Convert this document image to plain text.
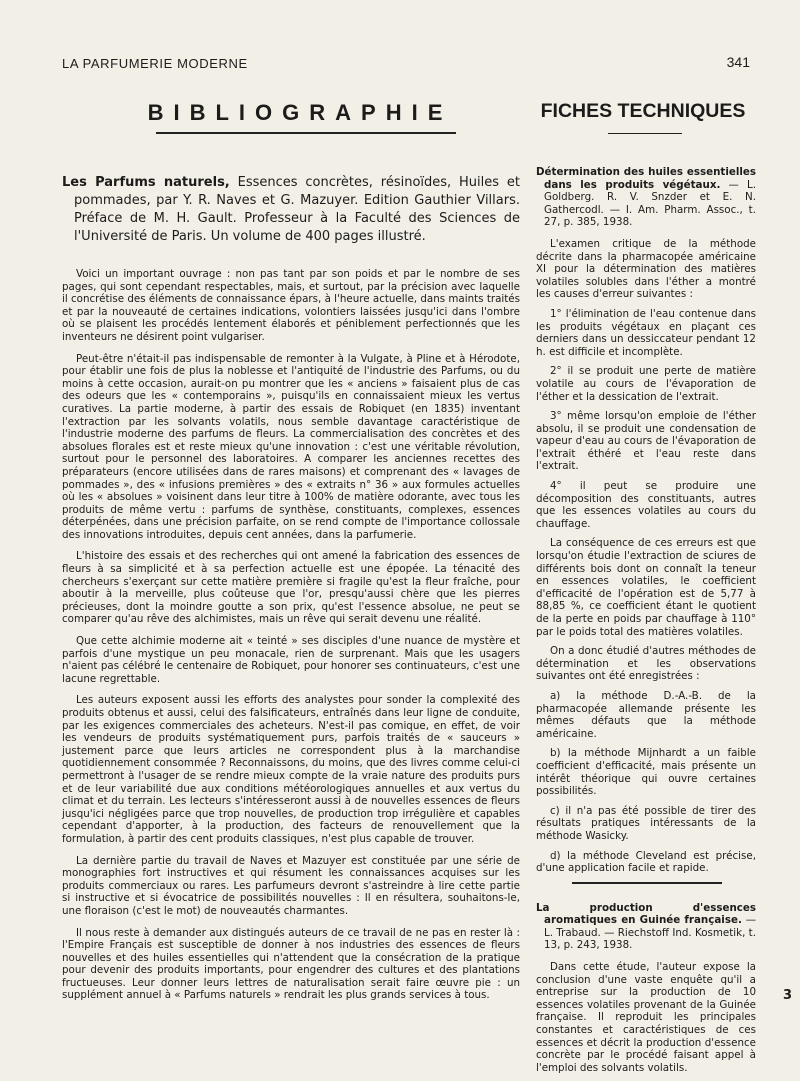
LA PARFUMERIE MODERNE	341
BIBLIOGRAPHIE
Les Parfums naturels, Essences concrètes, résinoïdes, Huiles et pommades, par Y. R. Naves et G. Mazuyer. Edition Gauthier Villars. Préface de M. H. Gault. Professeur à la Faculté des Sciences de l'Université de Paris. Un volume de 400 pages illustré.

Voici un important ouvrage : non pas tant par son poids et par le nombre de ses pages, qui sont cependant respectables, mais, et surtout, par la précision avec laquelle il concrétise des éléments de connaissance épars, à l'heure actuelle, dans maints traités et par la nouveauté de certaines indications, volontiers laissées jusqu'ici dans l'ombre où se plaisent les procédés lentement élaborés et péniblement perfectionnés que les inventeurs ne désirent point vulgariser.

Peut-être n'était-il pas indispensable de remonter à la Vulgate, à Pline et à Hérodote, pour établir une fois de plus la noblesse et l'antiquité de l'industrie des Parfums, ou du moins à cette occasion, aurait-on pu montrer que les « anciens » faisaient plus de cas des odeurs que les « contemporains », puisqu'ils en connaissaient mieux les vertus curatives. La partie moderne, à partir des essais de Robiquet (en 1835) inventant l'extraction par les solvants volatils, nous semble davantage caractéristique de l'industrie moderne des parfums de fleurs. La commercialisation des concrètes et des absolues florales est et reste mieux qu'une innovation : c'est une véritable révolution, surtout pour le personnel des laboratoires. A comparer les anciennes recettes des préparateurs (encore utilisées dans de rares maisons) et comprenant des « lavages de pommades », des « infusions premières » des « extraits n° 36 » aux formules actuelles où les « absolues » voisinent dans leur titre à 100% de matière odorante, avec tous les produits de même vertu : parfums de synthèse, constituants, complexes, essences déterpénées, dans une précision parfaite, on se rend compte de l'importance collossale des innovations introduites, depuis cent années, dans la parfumerie.

L'histoire des essais et des recherches qui ont amené la fabrication des essences de fleurs à sa simplicité et à sa perfection actuelle est une épopée. La ténacité des chercheurs s'exerçant sur cette matière première si fragile qu'est la fleur fraîche, pour aboutir à la merveille, plus coûteuse que l'or, presqu'aussi chère que les pierres précieuses, dont la moindre goutte a son prix, qu'est l'essence absolue, ne peut se comparer qu'au rêve des alchimistes, mais un rêve qui serait devenu une réalité.

Que cette alchimie moderne ait « teinté » ses disciples d'une nuance de mystère et parfois d'une mystique un peu monacale, rien de surprenant. Mais que les usagers n'aient pas célébré le centenaire de Robiquet, pour honorer ses continuateurs, c'est une lacune regrettable.

Les auteurs exposent aussi les efforts des analystes pour sonder la complexité des produits obtenus et aussi, celui des falsificateurs, entraînés dans leur ligne de conduite, par les exigences commerciales des acheteurs. N'est-il pas comique, en effet, de voir les vendeurs de produits systématiquement purs, parfois traités de « sauceurs » justement parce que leurs articles ne correspondent plus à la marchandise quotidiennement consommée ? Reconnaissons, du moins, que des livres comme celui-ci permettront à l'usager de se rendre mieux compte de la vraie nature des produits purs et de leur variabilité due aux conditions météorologiques annuelles et aux vertus du climat et du terrain. Les lecteurs s'intéresseront aussi à de nouvelles essences de fleurs jusqu'ici négligées parce que trop nouvelles, de production trop irrégulière et capables cependant d'apporter, à la production, des facteurs de renouvellement que la formulation, à partir des cent produits classiques, n'est plus capable de trouver.

La dernière partie du travail de Naves et Mazuyer est constituée par une série de monographies fort instructives et qui résument les connaissances acquises sur les produits commerciaux ou rares. Les parfumeurs devront s'astreindre à lire cette partie si instructive et si évocatrice de possibilités nouvelles : Il en résultera, souhaitons-le, une floraison (c'est le mot) de nouveautés charmantes.

Il nous reste à demander aux distingués auteurs de ce travail de ne pas en rester là : l'Empire Français est susceptible de donner à nos industries des essences de fleurs nouvelles et des huiles essentielles qui n'attendent que la consécration de la pratique pour devenir des produits importants, pour engendrer des cultures et des plantations fructueuses. Leur donner leurs lettres de naturalisation serait faire œuvre pie : un supplément annuel à « Parfums naturels » rendrait les plus grands services à tous.

FICHES TECHNIQUES
Détermination des huiles essentielles dans les produits végétaux. — L. Goldberg. R. V. Snzder et E. N. Gathercodl. — I. Am. Pharm. Assoc., t. 27, p. 385, 1938.

L'examen critique de la méthode décrite dans la pharmacopée américaine XI pour la détermination des matières volatiles solubles dans l'éther a montré les causes d'erreur suivantes :

1° l'élimination de l'eau contenue dans les produits végétaux en plaçant ces derniers dans un dessiccateur pendant 12 h. est difficile et incomplète.

2° il se produit une perte de matière volatile au cours de l'évaporation de l'éther et la dessication de l'extrait.

3° même lorsqu'on emploie de l'éther absolu, il se produit une condensation de vapeur d'eau au cours de l'évaporation de l'extrait éthéré et l'eau reste dans l'extrait.

4° il peut se produire une décomposition des constituants, autres que les essences volatiles au cours du chauffage.

La conséquence de ces erreurs est que lorsqu'on étudie l'extraction de sciures de différents bois dont on connaît la teneur en essences volatiles, le coefficient d'efficacité de l'opération est de 5,77 à 88,85 %, ce coefficient étant le quotient de la perte en poids par chauffage à 110° par le poids total des matières volatiles.

On a donc étudié d'autres méthodes de détermination et les observations suivantes ont été enregistrées :

a) la méthode D.-A.-B. de la pharmacopée allemande présente les mêmes défauts que la méthode américaine.

b) la méthode Mijnhardt a un faible coefficient d'efficacité, mais présente un intérêt théorique qui ouvre certaines possibilités.

c) il n'a pas été possible de tirer des résultats pratiques intéressants de la méthode Wasicky.

d) la méthode Cleveland est précise, d'une application facile et rapide.

La production d'essences aromatiques en Guinée française. — L. Trabaud. — Riechstoff Ind. Kosmetik, t. 13, p. 243, 1938.

Dans cette étude, l'auteur expose la conclusion d'une vaste enquête qu'il a entreprise sur la production de 10 essences volatiles provenant de la Guinée française. Il reproduit les principales constantes et caractéristiques de ces essences et décrit la production d'essence concrète par le procédé faisant appel à l'emploi des solvants volatils.

3
